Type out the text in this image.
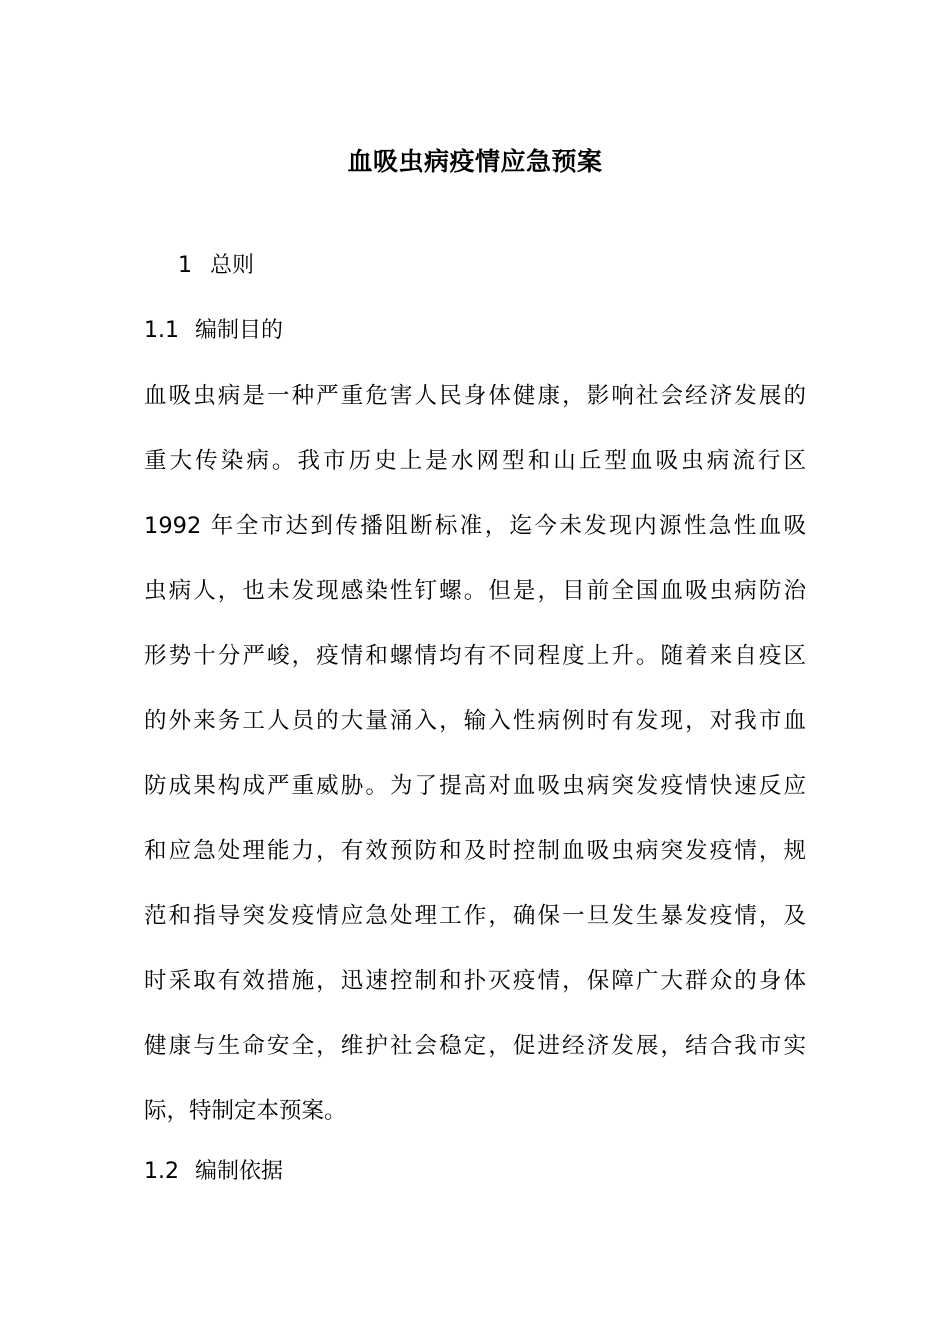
血吸虫病疫情应急预案
1 总则
1.1 编制目的
血吸虫病是一种严重危害人民身体健康，影响社会经济发展的
重大传染病。我市历史上是水网型和山丘型血吸虫病流行区
1992 年全市达到传播阻断标准，迄今未发现内源性急性血吸
虫病人，也未发现感染性钉螺。但是，目前全国血吸虫病防治
形势十分严峻，疫情和螺情均有不同程度上升。随着来自疫区
的外来务工人员的大量涌入，输入性病例时有发现，对我市血
防成果构成严重威胁。为了提高对血吸虫病突发疫情快速反应
和应急处理能力，有效预防和及时控制血吸虫病突发疫情，规
范和指导突发疫情应急处理工作，确保一旦发生暴发疫情，及
时采取有效措施，迅速控制和扑灭疫情，保障广大群众的身体
健康与生命安全，维护社会稳定，促进经济发展，结合我市实
际，特制定本预案。
1.2 编制依据
